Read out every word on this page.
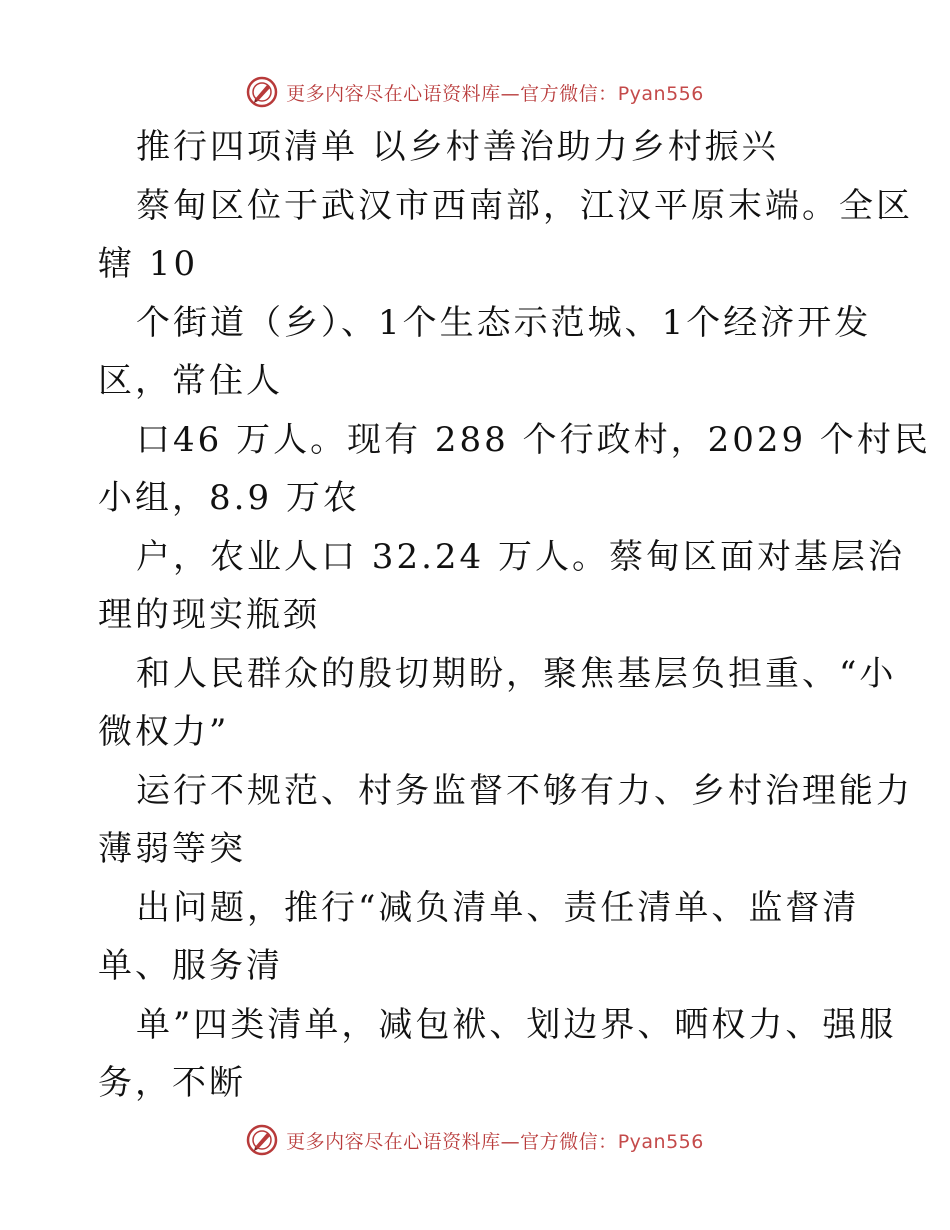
更多内容尽在心语资料库—官方微信：Pyan556
推行四项清单 以乡村善治助力乡村振兴
蔡甸区位于武汉市西南部，江汉平原末端。全区
辖 10
个街道（乡）、1个生态示范城、1个经济开发
区，常住人
口46 万人。现有 288 个行政村，2029 个村民
小组，8.9 万农
户，农业人口 32.24 万人。蔡甸区面对基层治
理的现实瓶颈
和人民群众的殷切期盼，聚焦基层负担重、“小
微权力”
运行不规范、村务监督不够有力、乡村治理能力
薄弱等突
出问题，推行“减负清单、责任清单、监督清
单、服务清
单”四类清单，减包袱、划边界、晒权力、强服
务，不断
更多内容尽在心语资料库—官方微信：Pyan556
